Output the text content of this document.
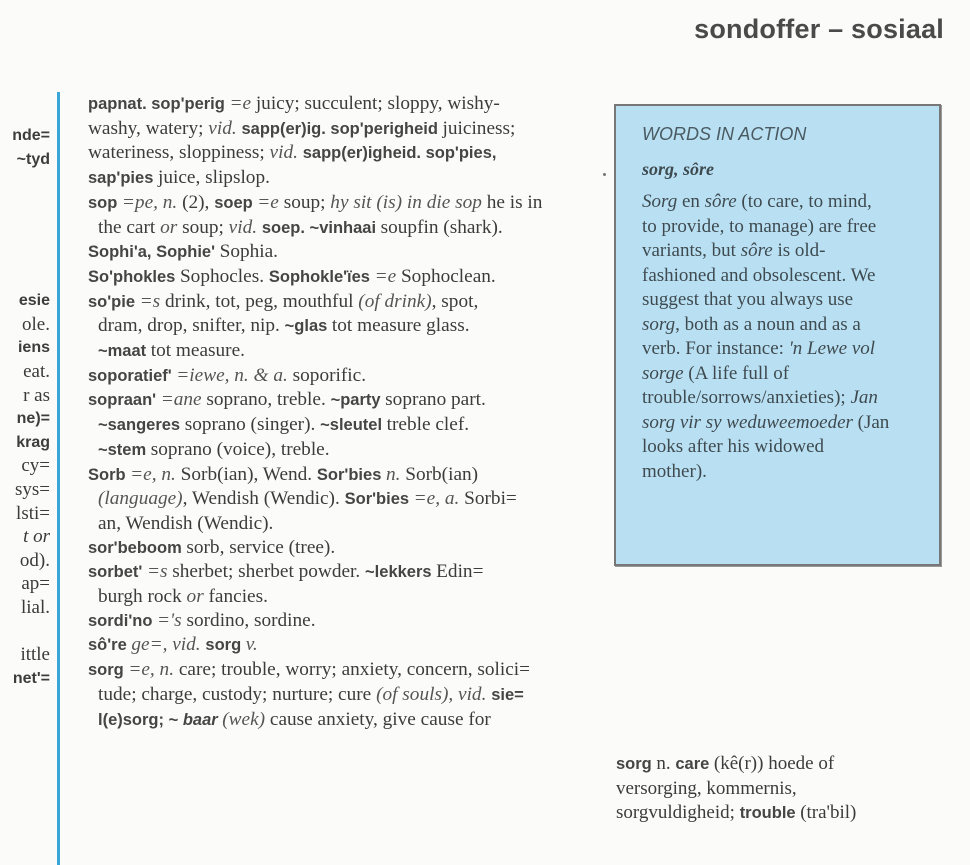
sondoffer – sosiaal
nde=
~tyd
esie
ole.
iens
eat.
r as
ne)=
krag
cy=
sys=
lsti=
t or
od).
ap=
lial.
ittle
net'=
papnat. sop'perig =e juicy; succulent; sloppy, wishy-
washy, watery; vid. sapp(er)ig. sop'perigheid juiciness;
wateriness, sloppiness; vid. sapp(er)igheid. sop'pies,
sap'pies juice, slipslop.
sop =pe, n. (2), soep =e soup; hy sit (is) in die sop he is in
the cart or soup; vid. soep. ~vinhaai soupfin (shark).
Sophi'a, Sophie' Sophia.
So'phokles Sophocles. Sophokle'ïes =e Sophoclean.
so'pie =s drink, tot, peg, mouthful (of drink), spot,
dram, drop, snifter, nip. ~glas tot measure glass.
~maat tot measure.
soporatief' =iewe, n. & a. soporific.
sopraan' =ane soprano, treble. ~party soprano part.
~sangeres soprano (singer). ~sleutel treble clef.
~stem soprano (voice), treble.
Sorb =e, n. Sorb(ian), Wend. Sor'bies n. Sorb(ian)
(language), Wendish (Wendic). Sor'bies =e, a. Sorbi=
an, Wendish (Wendic).
sor'beboom sorb, service (tree).
sorbet' =s sherbet; sherbet powder. ~lekkers Edin=
burgh rock or fancies.
sordi'no ='s sordino, sordine.
sô're ge=, vid. sorg v.
sorg =e, n. care; trouble, worry; anxiety, concern, solici=
tude; charge, custody; nurture; cure (of souls), vid. sie=
l(e)sorg; ~ baar (wek) cause anxiety, give cause for
WORDS IN ACTION
sorg, sôre
Sorg en sôre (to care, to mind,
to provide, to manage) are free
variants, but sôre is old-
fashioned and obsolescent. We
suggest that you always use
sorg, both as a noun and as a
verb. For instance: 'n Lewe vol
sorge (A life full of
trouble/sorrows/anxieties); Jan
sorg vir sy weduweemoeder (Jan
looks after his widowed
mother).
sorg n. care (kê(r)) hoede of
versorging, kommernis,
sorgvuldigheid; trouble (tra'bil)
